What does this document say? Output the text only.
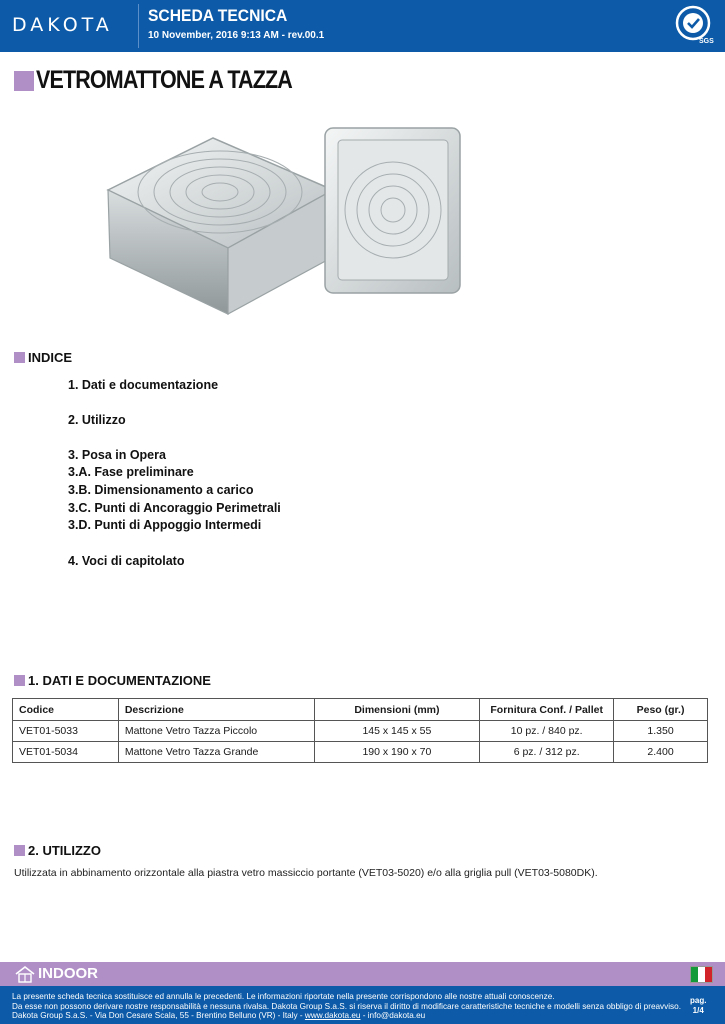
DAKOTA SCHEDA TECNICA
10 November, 2016 9:13 AM - rev.00.1
SGS
VETROMATTONE A TAZZA
INDICE
1. Dati e documentazione
2. Utilizzo
3. Posa in Opera
3.A. Fase preliminare
3.B. Dimensionamento a carico
3.C. Punti di Ancoraggio Perimetrali
3.D. Punti di Appoggio Intermedi
4. Voci di capitolato
1. DATI E DOCUMENTAZIONE
Codice	Descrizione	Dimensioni (mm)	Fornitura Conf. / Pallet	Peso (gr.)
VET01-5033	Mattone Vetro Tazza Piccolo	145 x 145 x 55	10 pz. / 840 pz.	1.350
VET01-5034	Mattone Vetro Tazza Grande	190 x 190 x 70	6 pz. / 312 pz.	2.400
2. UTILIZZO
Utilizzata in abbinamento orizzontale alla piastra vetro massiccio portante (VET03-5020) e/o alla griglia pull (VET03-5080DK).
INDOOR
La presente scheda tecnica sostituisce ed annulla le precedenti. Le informazioni riportate nella presente corrispondono alle nostre attuali conoscenze.
Da esse non possono derivare nostre responsabilità e nessuna rivalsa. Dakota Group S.a.S. si riserva il diritto di modificare caratteristiche tecniche e modelli senza obbligo di preavviso.
Dakota Group S.a.S. - Via Don Cesare Scala, 55 - Brentino Belluno (VR) - Italy - www.dakota.eu - info@dakota.eu
pag.
1/4
